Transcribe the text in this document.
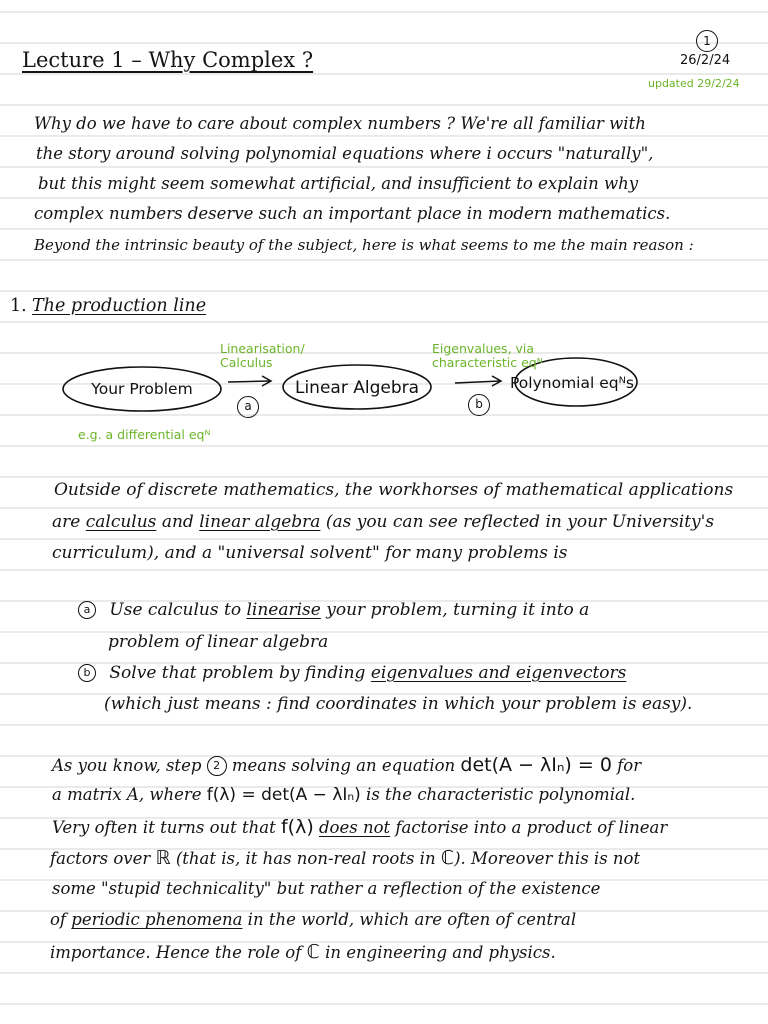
1
26/2/24
updated 29/2/24
Lecture 1 – Why Complex ?
Why do we have to care about complex numbers ? We're all familiar with
the story around solving polynomial equations where i occurs "naturally",
but this might seem somewhat artificial, and insufficient to explain why
complex numbers deserve such an important place in modern mathematics.
Beyond the intrinsic beauty of the subject, here is what seems to me the main reason :
1. The production line
Your Problem	Linear Algebra	Polynomial eqᴺs
Linearisation/ Calculus
a
Eigenvalues, via characteristic eqᴺ
b
e.g. a differential eqᴺ
Outside of discrete mathematics, the workhorses of mathematical applications
are calculus and linear algebra (as you can see reflected in your University's
curriculum), and a "universal solvent" for many problems is
a Use calculus to linearise your problem, turning it into a
problem of linear algebra
b Solve that problem by finding eigenvalues and eigenvectors
(which just means : find coordinates in which your problem is easy).
As you know, step 2 means solving an equation det(A − λIₙ) = 0 for
a matrix A, where f(λ) = det(A − λIₙ) is the characteristic polynomial.
Very often it turns out that f(λ) does not factorise into a product of linear
factors over ℝ (that is, it has non-real roots in ℂ). Moreover this is not
some "stupid technicality" but rather a reflection of the existence
of periodic phenomena in the world, which are often of central
importance. Hence the role of ℂ in engineering and physics.
